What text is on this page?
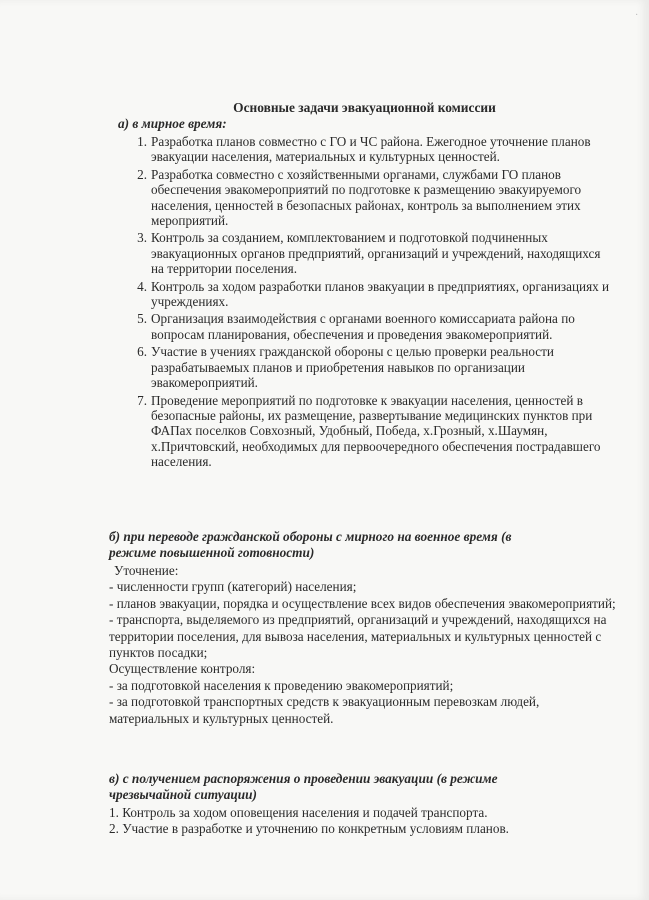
·
Основные задачи эвакуационной комиссии
а) в мирное время:
1. Разработка планов совместно с ГО и ЧС района. Ежегодное уточнение планов эвакуации населения, материальных и культурных ценностей.
2. Разработка совместно с хозяйственными органами, службами ГО планов обеспечения эвакомероприятий по подготовке к размещению эвакуируемого населения, ценностей в безопасных районах, контроль за выполнением этих мероприятий.
3. Контроль за созданием, комплектованием и подготовкой подчиненных эвакуационных органов предприятий, организаций и учреждений, находящихся на территории поселения.
4. Контроль за ходом разработки планов эвакуации в предприятиях, организациях и учреждениях.
5. Организация взаимодействия с органами военного комиссариата района по вопросам планирования, обеспечения и проведения эвакомероприятий.
6. Участие в учениях гражданской обороны с целью проверки реальности разрабатываемых планов и приобретения навыков по организации эвакомероприятий.
7. Проведение мероприятий по подготовке к эвакуации населения, ценностей в безопасные районы, их размещение, развертывание медицинских пунктов при ФАПах поселков Совхозный, Удобный, Победа, х.Грозный, х.Шаумян, х.Причтовский, необходимых для первоочередного обеспечения пострадавшего населения.
б) при переводе гражданской обороны с мирного на военное время (в
режиме повышенной готовности)

Уточнение:

- численности групп (категорий) населения;

- планов эвакуации, порядка и осуществление всех видов обеспечения эвакомероприятий;

- транспорта, выделяемого из предприятий, организаций и учреждений, находящихся на территории поселения, для вывоза населения, материальных и культурных ценностей с пунктов посадки;

Осуществление контроля:

- за подготовкой населения к проведению эвакомероприятий;

- за подготовкой транспортных средств к эвакуационным перевозкам людей, материальных и культурных ценностей.

в) с получением распоряжения о проведении эвакуации (в режиме
чрезвычайной ситуации)

1. Контроль за ходом оповещения населения и подачей транспорта.

2. Участие в разработке и уточнению по конкретным условиям планов.
